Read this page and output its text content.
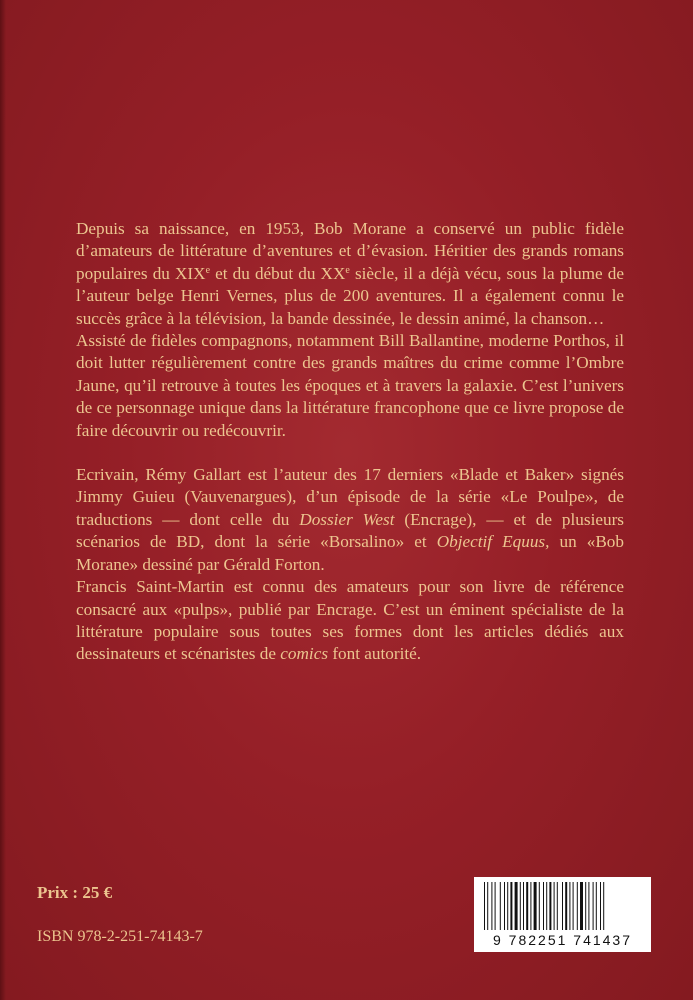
Depuis sa naissance, en 1953, Bob Morane a conservé un public fidèle d’amateurs de littérature d’aventures et d’évasion. Héritier des grands romans populaires du XIXe et du début du XXe siècle, il a déjà vécu, sous la plume de l’auteur belge Henri Vernes, plus de 200 aventures. Il a également connu le succès grâce à la télévision, la bande dessinée, le dessin animé, la chanson…

Assisté de fidèles compagnons, notamment Bill Ballantine, moderne Porthos, il doit lutter régulièrement contre des grands maîtres du crime comme l’Ombre Jaune, qu’il retrouve à toutes les époques et à travers la galaxie. C’est l’univers de ce personnage unique dans la littérature francophone que ce livre propose de faire découvrir ou redécouvrir.

Ecrivain, Rémy Gallart est l’auteur des 17 derniers «Blade et Baker» signés Jimmy Guieu (Vauvenargues), d’un épisode de la série «Le Poulpe», de traductions — dont celle du Dossier West (Encrage), — et de plusieurs scénarios de BD, dont la série «Borsalino» et Objectif Equus, un «Bob Morane» dessiné par Gérald Forton.

Francis Saint-Martin est connu des amateurs pour son livre de référence consacré aux «pulps», publié par Encrage. C’est un éminent spécialiste de la littérature populaire sous toutes ses formes dont les articles dédiés aux dessinateurs et scénaristes de comics font autorité.

Prix : 25 €
ISBN 978-2-251-74143-7	9 782251 741437
